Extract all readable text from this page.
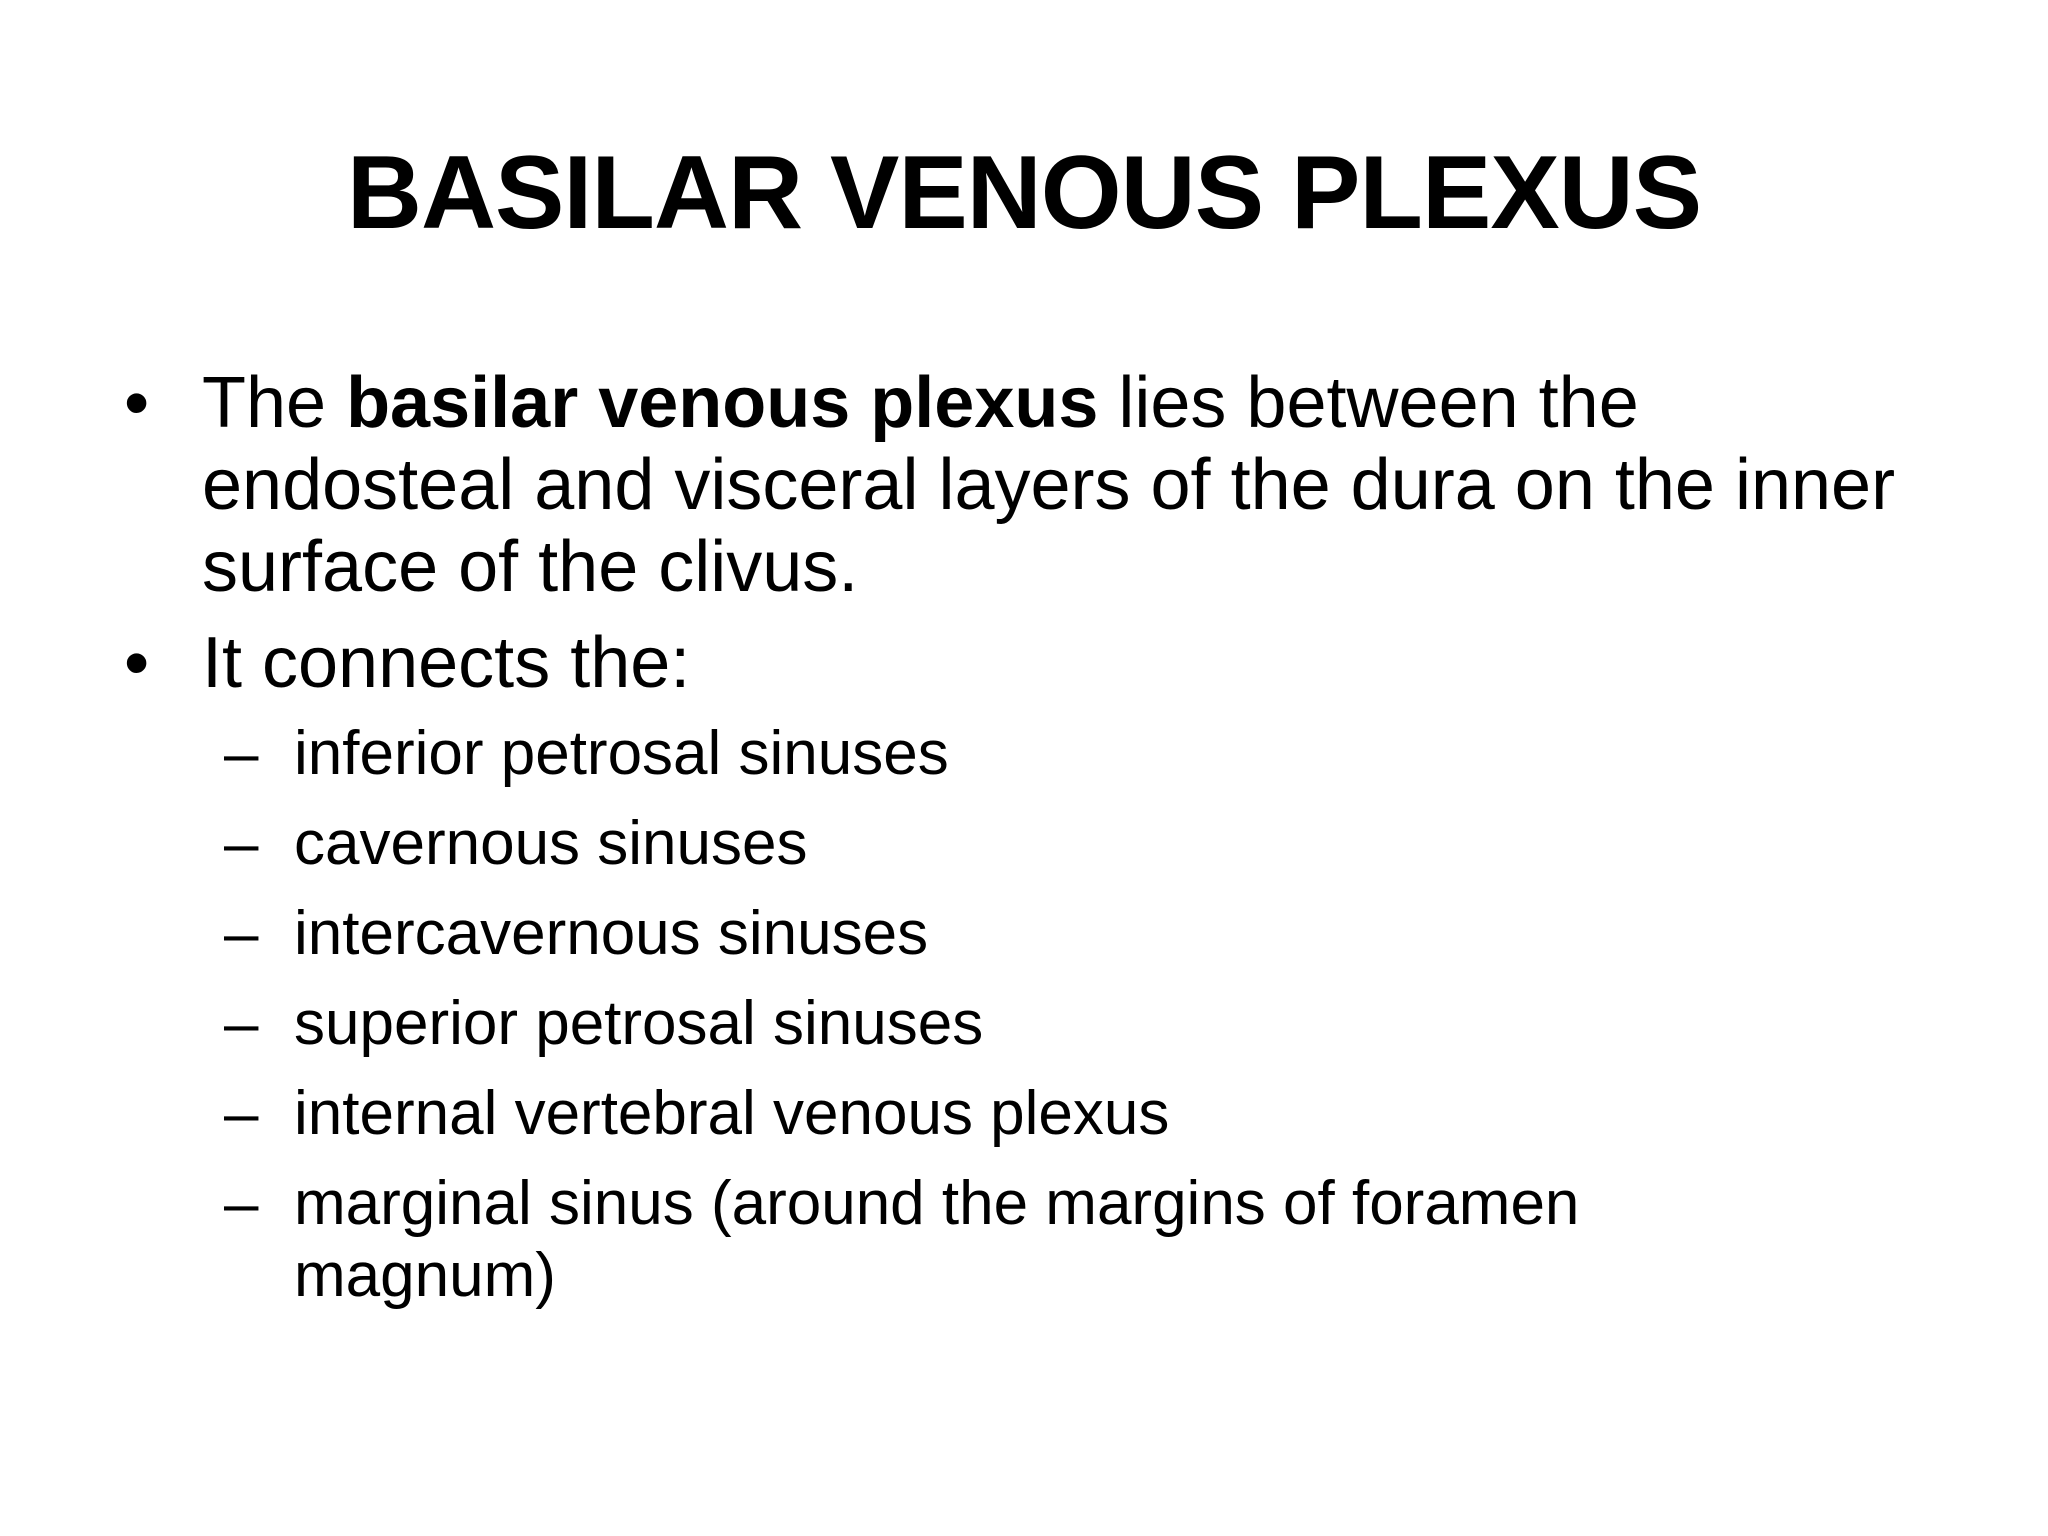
BASILAR VENOUS PLEXUS
• The basilar venous plexus lies between the endosteal and visceral layers of the dura on the inner surface of the clivus.
• It connects the:
– inferior petrosal sinuses
– cavernous sinuses
– intercavernous sinuses
– superior petrosal sinuses
– internal vertebral venous plexus
– marginal sinus (around the margins of foramen magnum)
